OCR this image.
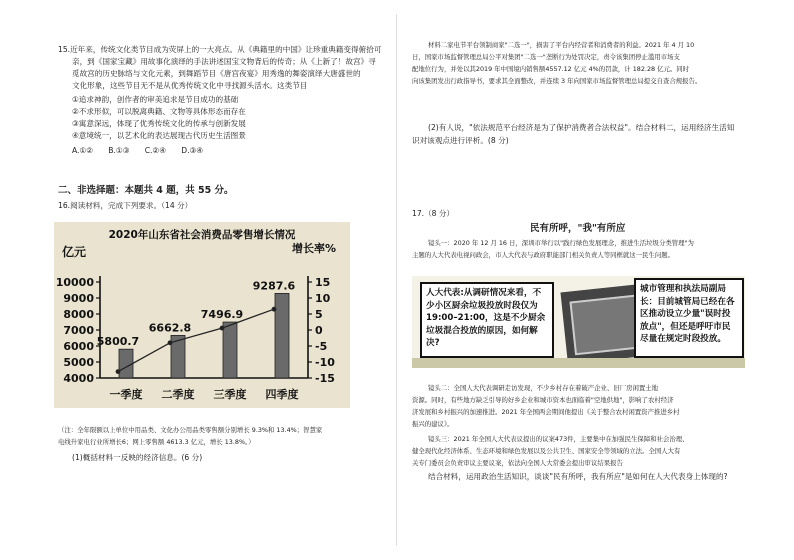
15.近年来，传统文化类节目成为荧屏上的一大亮点。从《典籍里的中国》让珍重典籍变得俯拾可
亲，到《国家宝藏》用故事化演绎的手法讲述国宝文物背后的传奇；从《上新了！故宫》寻
觅故宫的历史脉络与文化元素，到舞蹈节目《唐宫夜宴》用秀逸的舞姿演绎大唐盛世的
文化形象，这些节目无不是从优秀传统文化中寻找源头活水。这类节目
①追求神韵，创作者的审美追求是节目成功的基础
②不求形似，可以脱离典籍、文物等具体形态而存在
③寓意深远，体现了优秀传统文化的传承与创新发展
④意境统一，以艺术化的表达展现古代历史生活图景
A.①②　　B.①③　　C.②④　　D.③④
二、非选择题：本题共 4 题，共 55 分。
16.阅读材料，完成下列要求。（14 分）
2020年山东省社会消费品零售增长情况
亿元	增长率%
4000
5000
6000
7000
8000
9000
10000	15
10
5
0
-5
-10
-15
5800.7
一季度
6662.8
二季度
7496.9
三季度
9287.6
四季度
（注：全年限额以上单位中用品类、文化办公用品类零售额分别增长 9.3%和 13.4%；智慧家
电线升家电行业所增长6；网上零售额 4613.3 亿元，增长 13.8%。）
(1)概括材料一反映的经济信息。(6 分)
材料二家电节平台领制商家"二选一"，损害了平台内经营者和消费者的利益。2021 年 4 月 10
日，国家市场监督管理总局公平对集团"二选一"垄断行为处罚决定，责令该集团停止滥用市场支
配地位行为，并处以其2019 年中国境内销售额4557.12 亿元 4%的罚款，计 182.28 亿元。同时
向该集团发出行政指导书，要求其全面整改，并连续 3 年向国家市场监督管理总局提交自查合规报告。
(2)有人说，"依法规范平台经济是为了保护消费者合法权益"。结合材料二，运用经济生活知
识对该观点进行评析。(8 分)
17.（8 分）
民有所呼，"我"有所应
镜头一：2020 年 12 月 16 日，深圳市举行以"践行绿色发展理念，推进生活垃圾分类管理"为
主题的人大代表电视问政会，市人大代表与政府职能部门相关负责人等同框就这一民生问题。
人大代表:从调研情况来看，不少小区厨余垃圾投放时段仅为19:00–21:00，这是不少厨余垃圾混合投放的原因，如何解决?
城市管理和执法局副局长：目前城管局已经在各区推动设立少量"误时投放点"，但还是呼吁市民尽量在规定时段投放。
镜头二：全国人大代表调研走访发现，不少乡村存在着破产企业、旧厂房闲置土地
资源。同时，有些地方缺乏引导的好乡企业和城市资本也面临着"空地供地"，影响了农村经济
济发展和乡村振兴的加速推进。2021 年全国两会期间他提出《关于整合农村闲置资产推进乡村
振兴的建议》。
镜头三：2021 年全国人大代表议提出的议案473件，主要集中在加强民生保障和社会治理、
健全现代化经济体系、生态环境和绿色发展以及公共卫生、国家安全等领域的立法。全国人大有
关专门委员会负责审议主要议案，依法向全国人大常委会提出审议结果报告
结合材料，运用政治生活知识，谈谈"民有所呼，我有所应"是如何在人大代表身上体现的?
